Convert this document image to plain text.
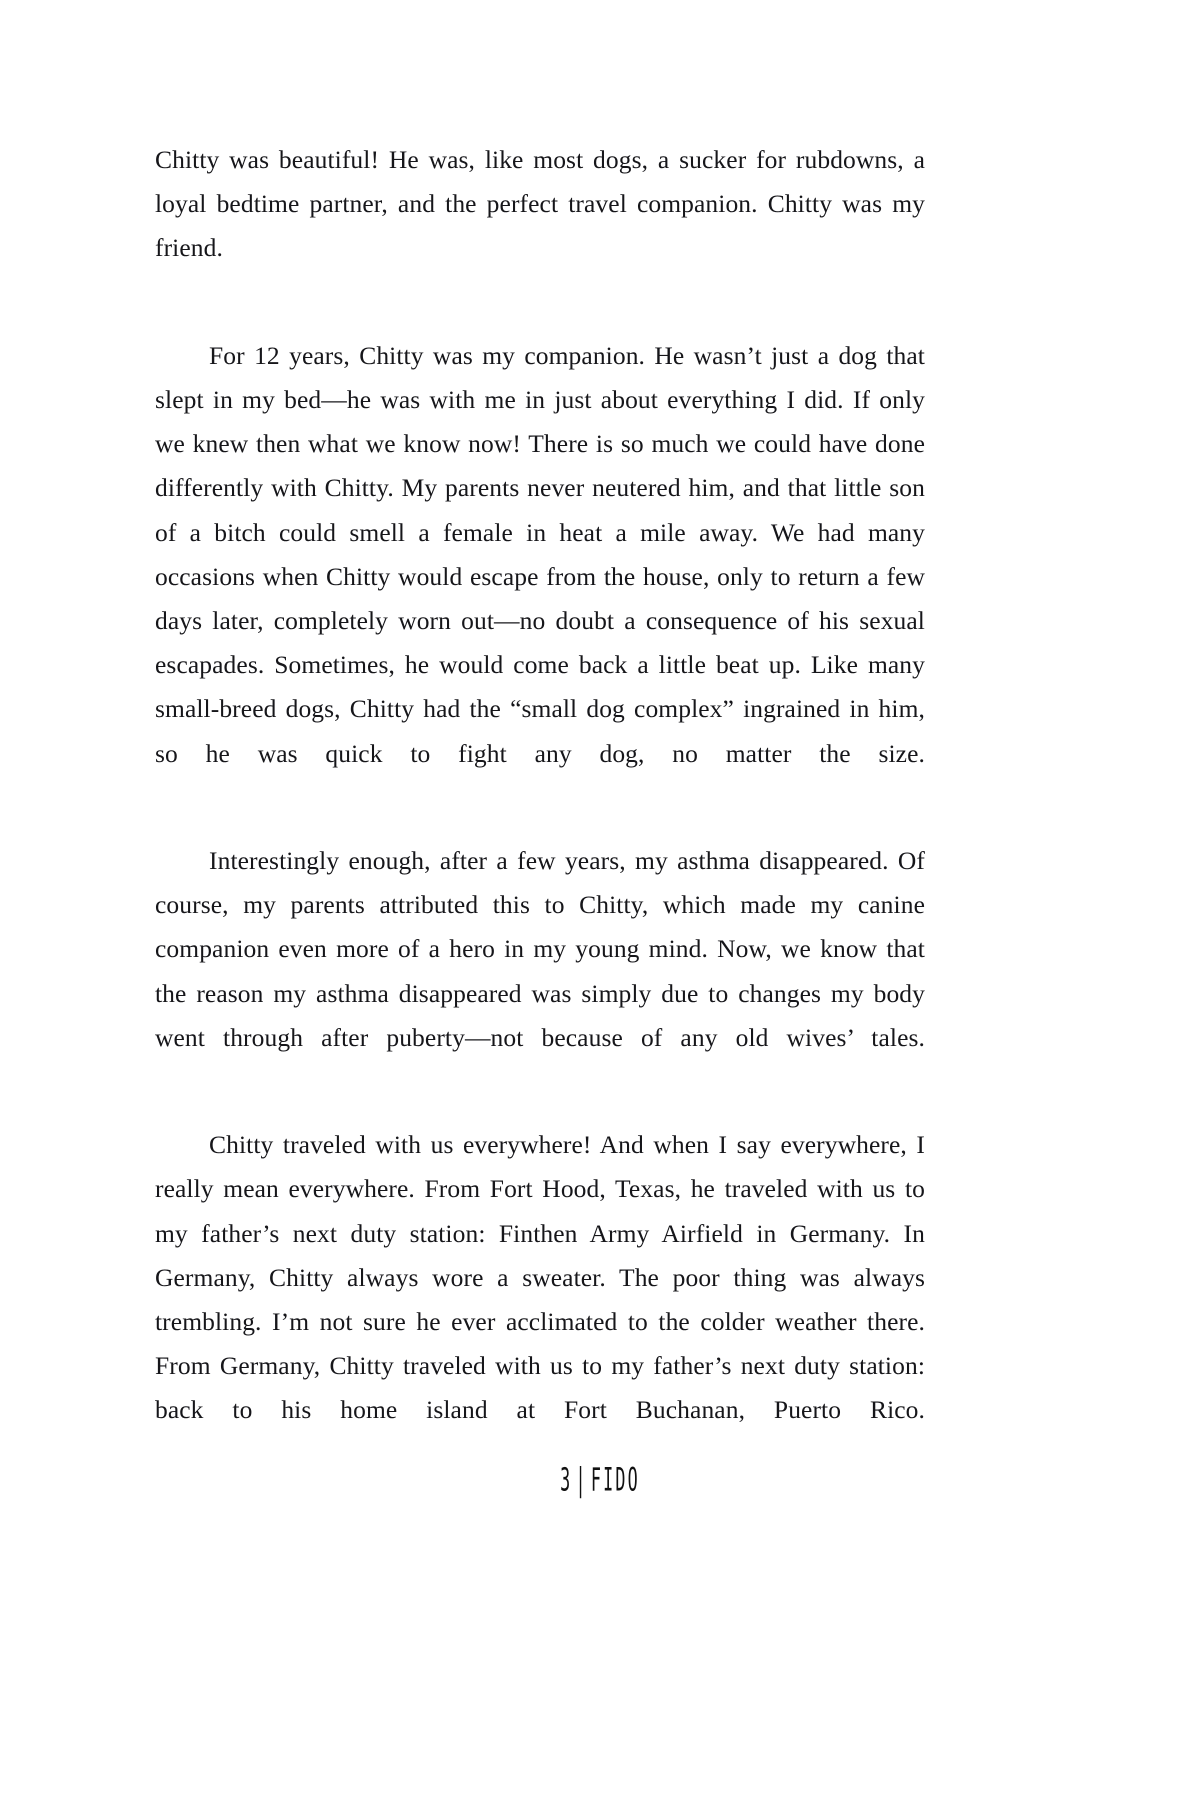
Chitty was beautiful! He was, like most dogs, a sucker for rubdowns, a loyal bedtime partner, and the perfect travel companion. Chitty was my friend.

For 12 years, Chitty was my companion. He wasn’t just a dog that slept in my bed—he was with me in just about everything I did. If only we knew then what we know now! There is so much we could have done differently with Chitty. My parents never neutered him, and that little son of a bitch could smell a female in heat a mile away. We had many occasions when Chitty would escape from the house, only to return a few days later, completely worn out—no doubt a consequence of his sexual escapades. Sometimes, he would come back a little beat up. Like many small-breed dogs, Chitty had the “small dog complex” ingrained in him, so he was quick to fight any dog, no matter the size.

Interestingly enough, after a few years, my asthma disappeared. Of course, my parents attributed this to Chitty, which made my canine companion even more of a hero in my young mind. Now, we know that the reason my asthma disappeared was simply due to changes my body went through after puberty—not because of any old wives’ tales.

Chitty traveled with us everywhere! And when I say everywhere, I really mean everywhere. From Fort Hood, Texas, he traveled with us to my father’s next duty station: Finthen Army Airfield in Germany. In Germany, Chitty always wore a sweater. The poor thing was always trembling. I’m not sure he ever acclimated to the colder weather there. From Germany, Chitty traveled with us to my father’s next duty station: back to his home island at Fort Buchanan, Puerto Rico.

3 | FIDO
